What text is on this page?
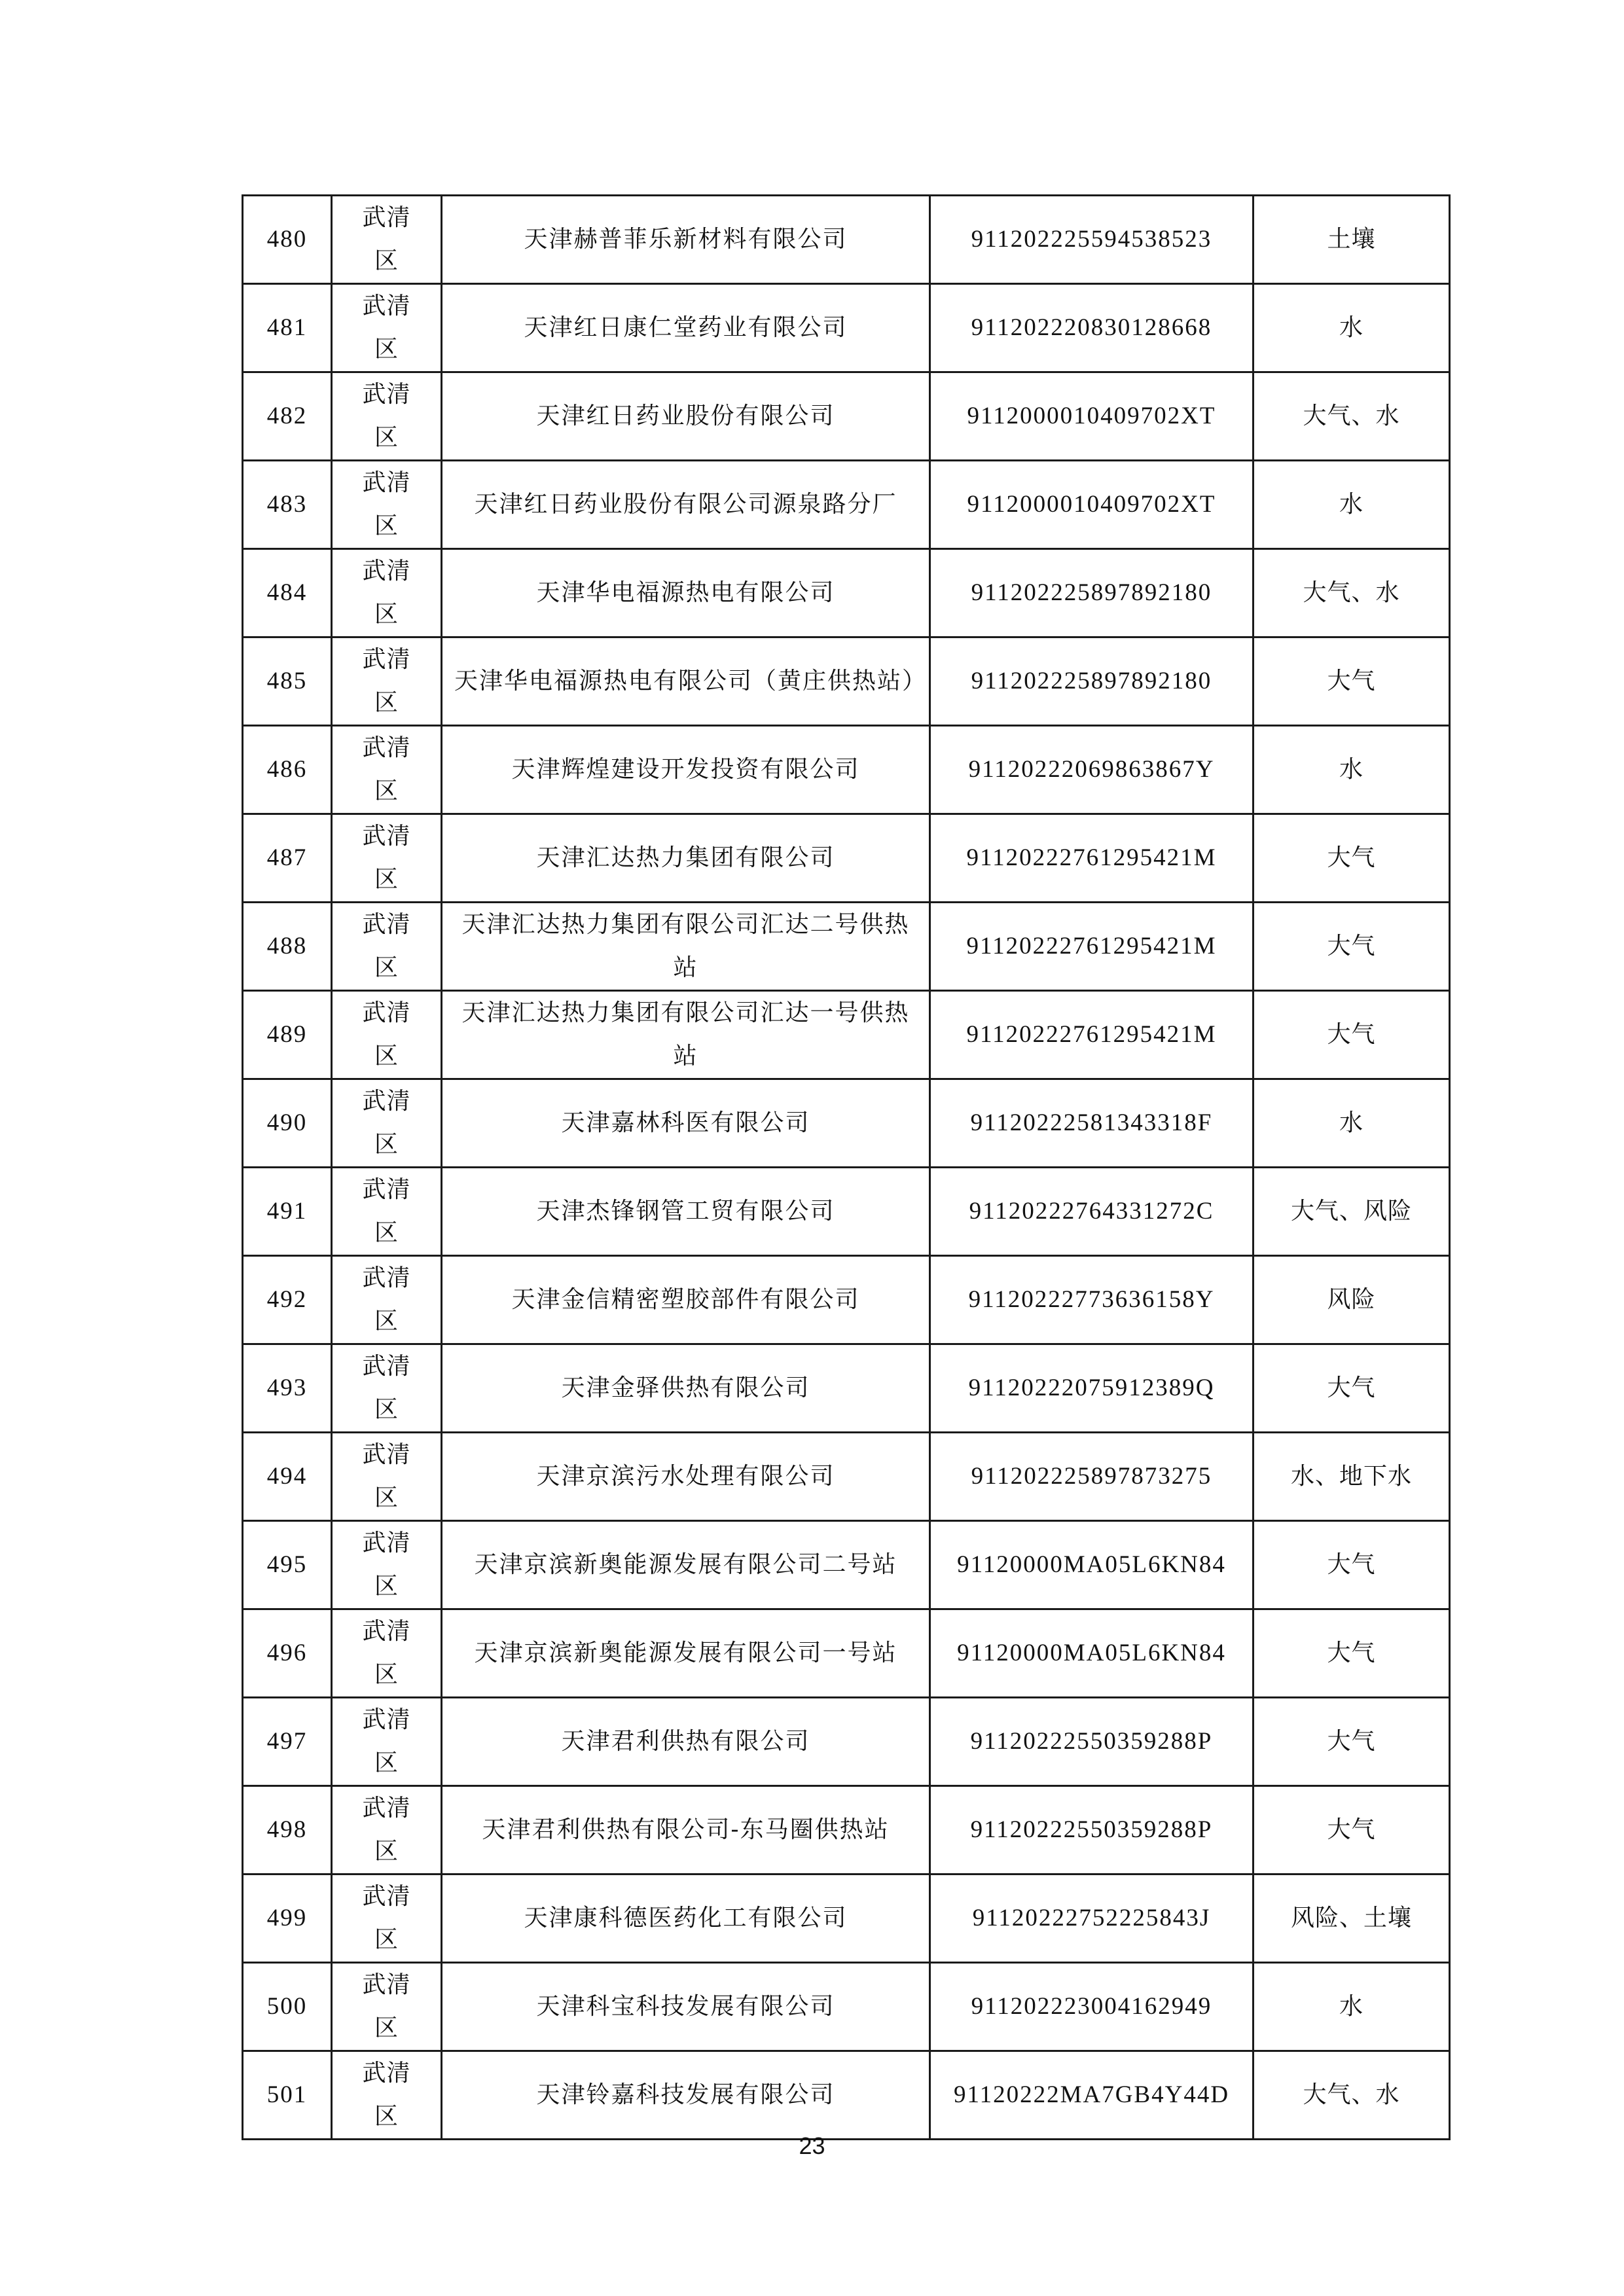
480	武清区	天津赫普菲乐新材料有限公司	911202225594538523	土壤
481	武清区	天津红日康仁堂药业有限公司	911202220830128668	水
482	武清区	天津红日药业股份有限公司	9112000010409702XT	大气、水
483	武清区	天津红日药业股份有限公司源泉路分厂	9112000010409702XT	水
484	武清区	天津华电福源热电有限公司	911202225897892180	大气、水
485	武清区	天津华电福源热电有限公司（黄庄供热站）	911202225897892180	大气
486	武清区	天津辉煌建设开发投资有限公司	91120222069863867Y	水
487	武清区	天津汇达热力集团有限公司	91120222761295421M	大气
488	武清区	天津汇达热力集团有限公司汇达二号供热站	91120222761295421M	大气
489	武清区	天津汇达热力集团有限公司汇达一号供热站	91120222761295421M	大气
490	武清区	天津嘉林科医有限公司	9112022258134331​8F	水
491	武清区	天津杰锋钢管工贸有限公司	91120222764331272C	大气、风险
492	武清区	天津金信精密塑胶部件有限公司	91120222773636158Y	风险
493	武清区	天津金驿供热有限公司	91120222075912389Q	大气
494	武清区	天津京滨污水处理有限公司	911202225897873275	水、地下水
495	武清区	天津京滨新奥能源发展有限公司二号站	91120000MA05L6KN84	大气
496	武清区	天津京滨新奥能源发展有限公司一号站	91120000MA05L6KN84	大气
497	武清区	天津君利供热有限公司	91120222550359288P	大气
498	武清区	天津君利供热有限公司-东马圈供热站	91120222550359288P	大气
499	武清区	天津康科德医药化工有限公司	91120222752225843J	风险、土壤
500	武清区	天津科宝科技发展有限公司	911202223004162949	水
501	武清区	天津铃嘉科技发展有限公司	91120222MA7GB4Y44D	大气、水
23
